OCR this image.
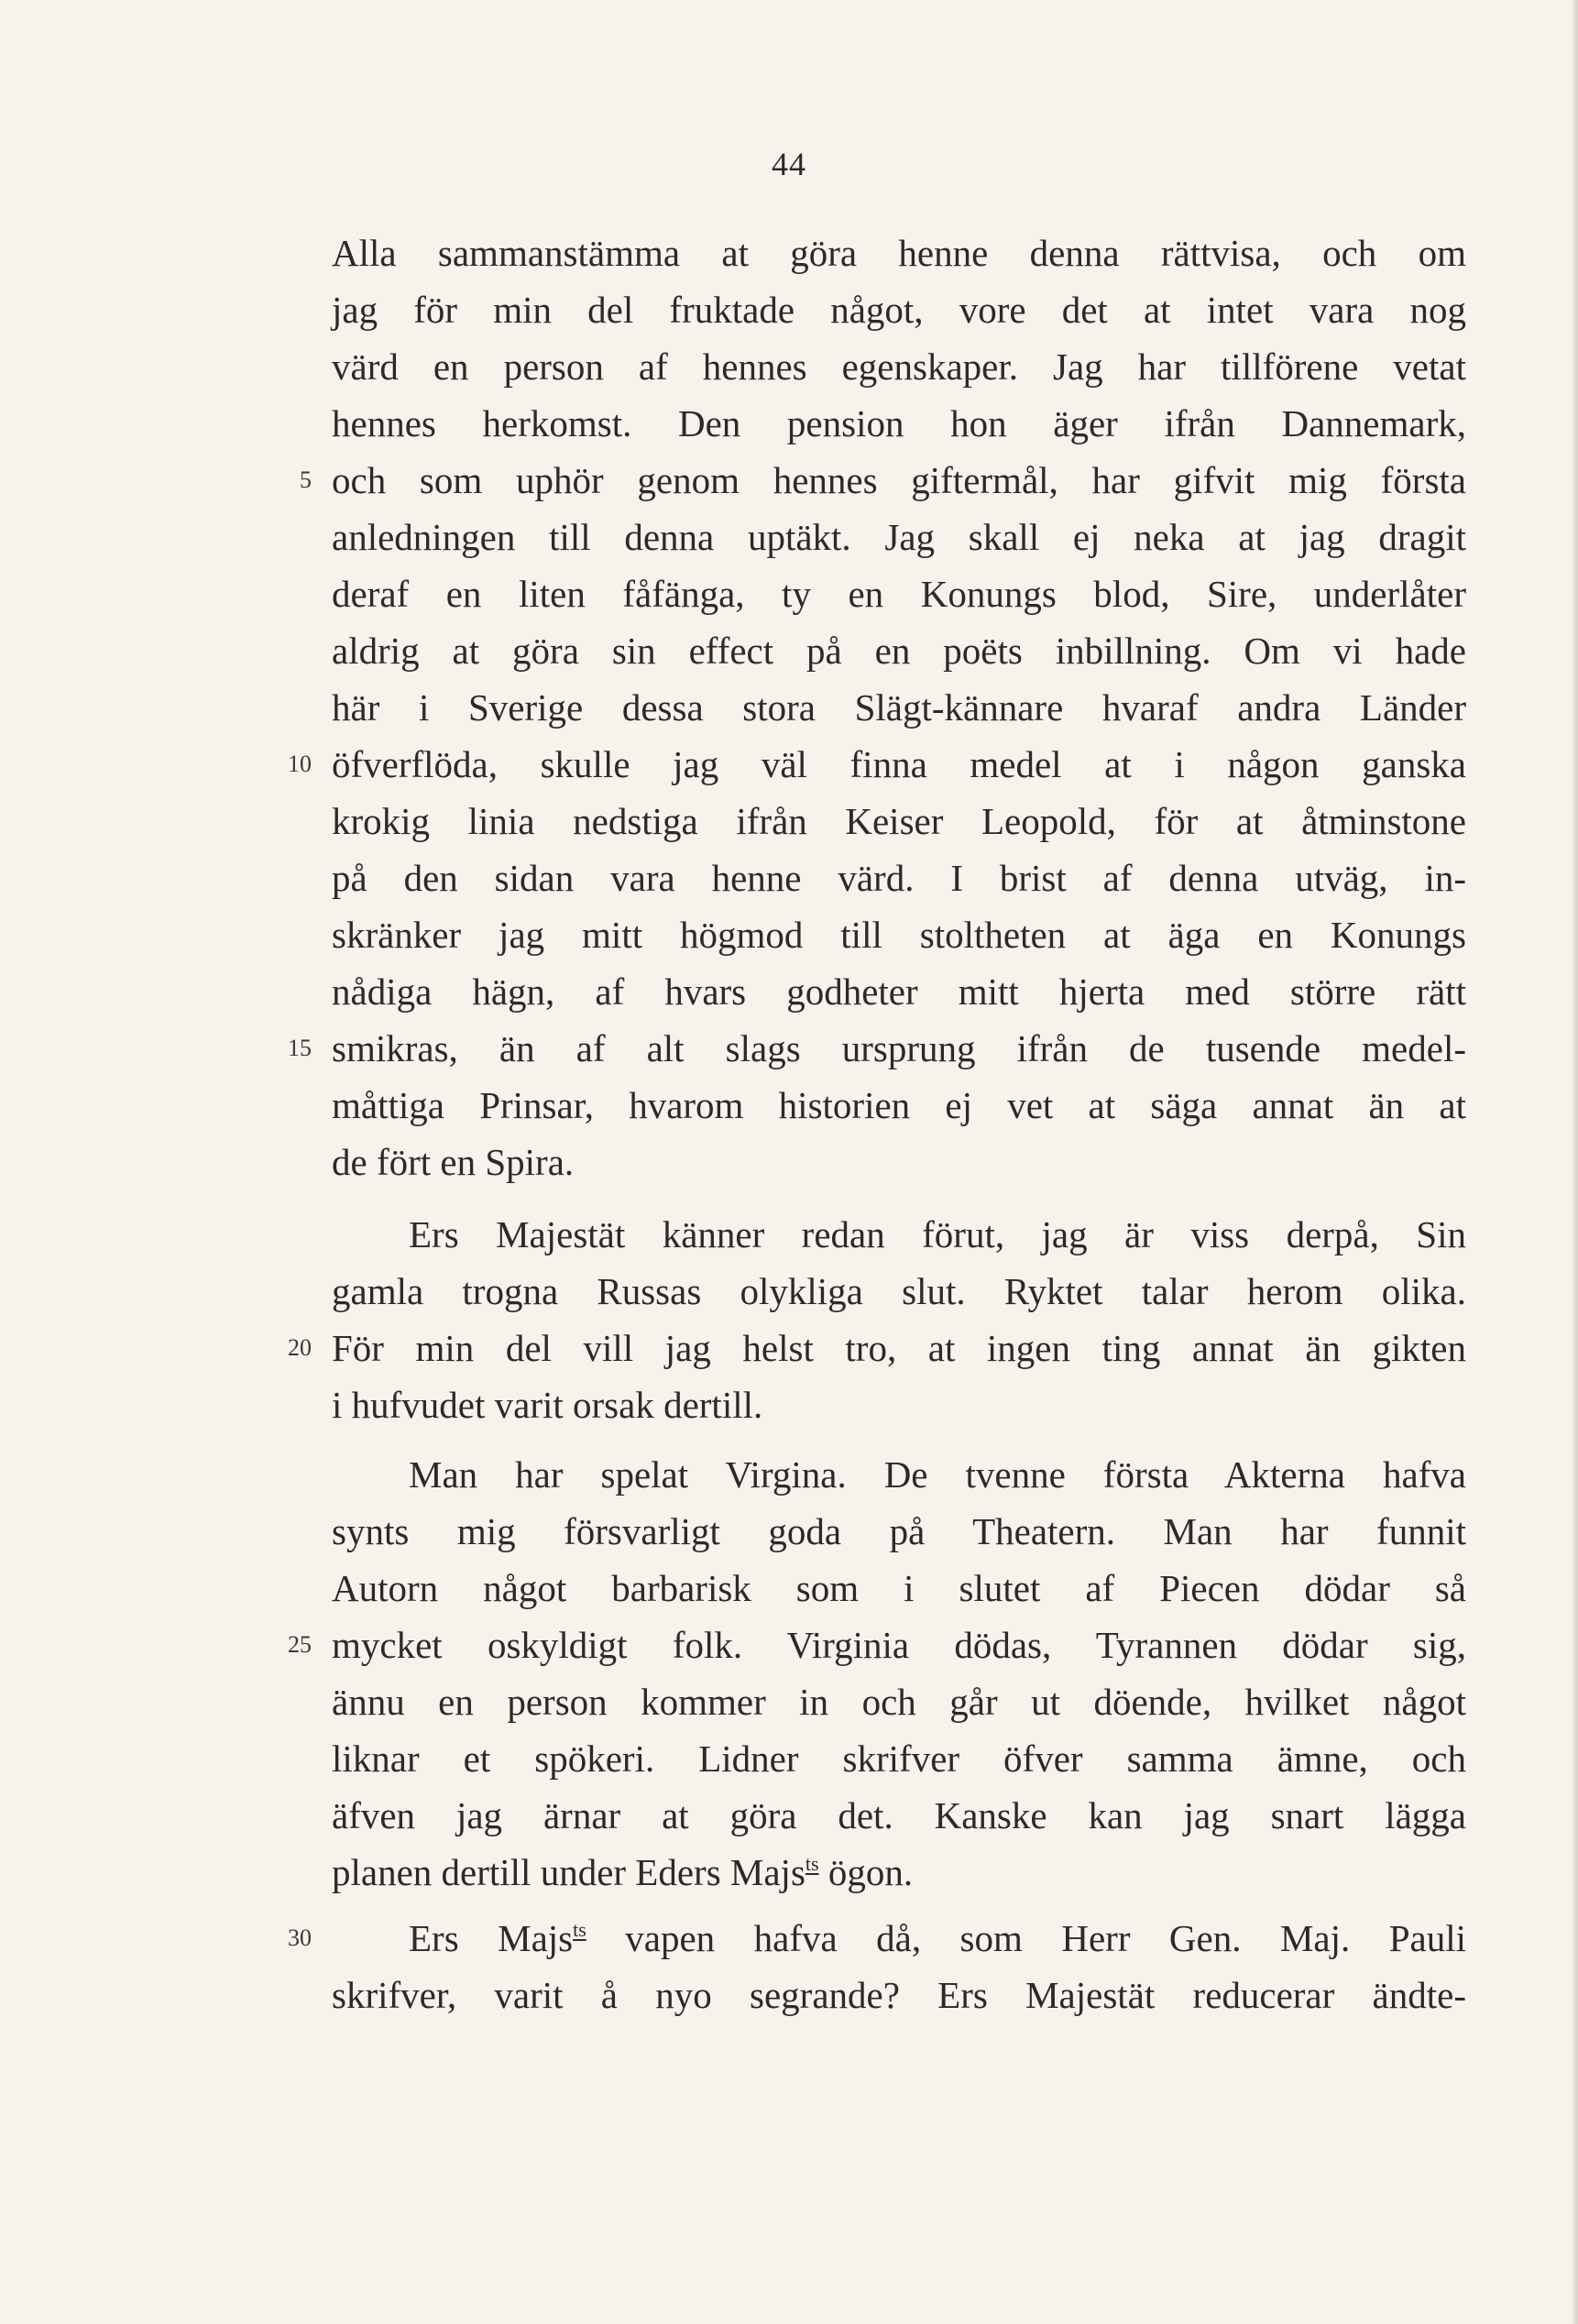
44
Alla sammanstämma at göra henne denna rättvisa, och om
jag för min del fruktade något, vore det at intet vara nog
värd en person af hennes egenskaper. Jag har tillförene vetat
hennes herkomst. Den pension hon äger ifrån Dannemark,
5 och som uphör genom hennes giftermål, har gifvit mig första
anledningen till denna uptäkt. Jag skall ej neka at jag dragit
deraf en liten fåfänga, ty en Konungs blod, Sire, underlåter
aldrig at göra sin effect på en poëts inbillning. Om vi hade
här i Sverige dessa stora Slägt-kännare hvaraf andra Länder
10 öfverflöda, skulle jag väl finna medel at i någon ganska
krokig linia nedstiga ifrån Keiser Leopold, för at åtminstone
på den sidan vara henne värd. I brist af denna utväg, in-
skränker jag mitt högmod till stoltheten at äga en Konungs
nådiga hägn, af hvars godheter mitt hjerta med större rätt
15 smikras, än af alt slags ursprung ifrån de tusende medel-
måttiga Prinsar, hvarom historien ej vet at säga annat än at
de fört en Spira.
Ers Majestät känner redan förut, jag är viss derpå, Sin
gamla trogna Russas olykliga slut. Ryktet talar herom olika.
20 För min del vill jag helst tro, at ingen ting annat än gikten
i hufvudet varit orsak dertill.
Man har spelat Virgina. De tvenne första Akterna hafva
synts mig försvarligt goda på Theatern. Man har funnit
Autorn något barbarisk som i slutet af Piecen dödar så
25 mycket oskyldigt folk. Virginia dödas, Tyrannen dödar sig,
ännu en person kommer in och går ut döende, hvilket något
liknar et spökeri. Lidner skrifver öfver samma ämne, och
äfven jag ärnar at göra det. Kanske kan jag snart lägga
planen dertill under Eders Majs$^{ts}$ ögon.
30	Ers Majs$^{ts}$ vapen hafva då, som Herr Gen. Maj. Pauli
skrifver, varit å nyo segrande? Ers Majestät reducerar ändte-
